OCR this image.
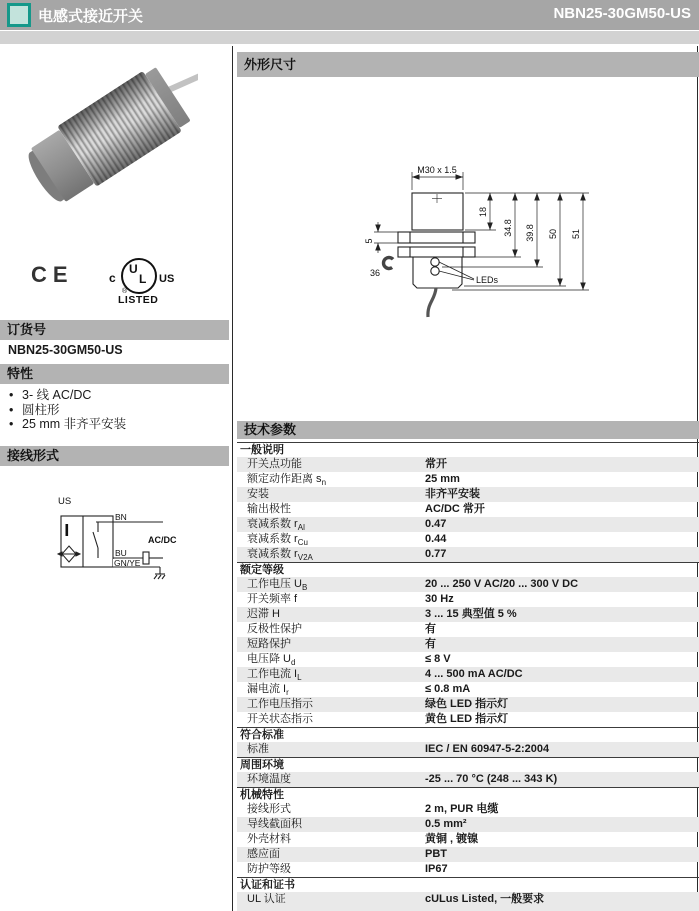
电感式接近开关	NBN25-30GM50-US
CE	U
L
c	US
®
LISTED
订货号
NBN25-30GM50-US
特性
• 3- 线 AC/DC
• 圆柱形
• 25 mm 非齐平安装
接线形式
US
BN
BU
GN/YE
AC/DC
外形尺寸
LEDs
M30 x 1.5
5
36
18
34.8 39.8 50 51
技术参数
一般说明
开关点功能	常开
额定动作距离 $s_n$	25 mm
安装	非齐平安装
输出极性	AC/DC 常开
衰减系数 $r_{Al}$	0.47
衰减系数 $r_{Cu}$	0.44
衰减系数 $r_{V2A}$	0.77
额定等级
工作电压 $U_B$	20 ... 250 V AC/20 ... 300 V DC
开关频率 f	30 Hz
迟滞 H	3 ... 15 典型值 5 %
反极性保护	有
短路保护	有
电压降 $U_d$	≤ 8 V
工作电流 $I_L$	4 ... 500 mA AC/DC
漏电流 $I_r$	≤ 0.8 mA
工作电压指示	绿色 LED 指示灯
开关状态指示	黄色 LED 指示灯
符合标准
标准	IEC / EN 60947-5-2:2004
周围环境
环境温度	-25 ... 70 °C (248 ... 343 K)
机械特性
接线形式	2 m, PUR 电缆
导线截面积	0.5 mm²
外壳材料	黄铜 , 镀镍
感应面	PBT
防护等级	IP67
认证和证书
UL 认证	cULus Listed, 一般要求
